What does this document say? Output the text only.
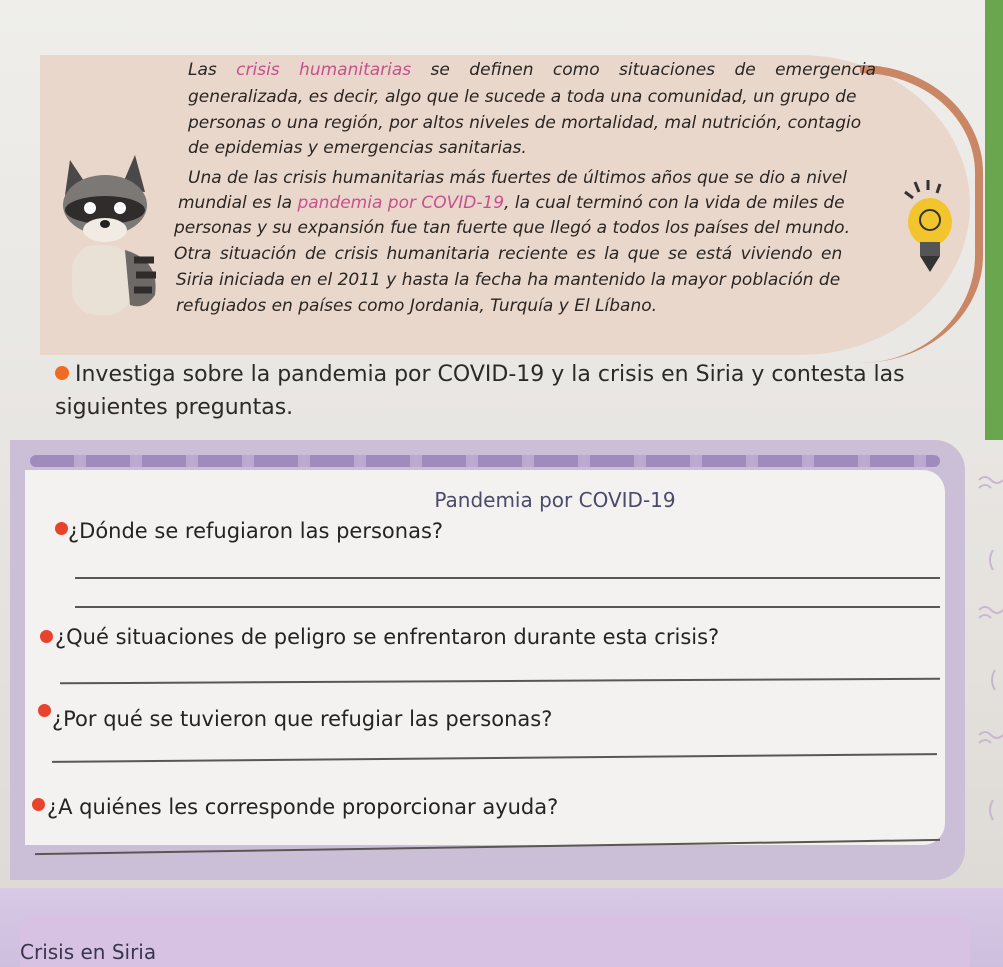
Las crisis humanitarias se definen como situaciones de emergencia
generalizada, es decir, algo que le sucede a toda una comunidad, un grupo de
personas o una región, por altos niveles de mortalidad, mal nutrición, contagio
de epidemias y emergencias sanitarias.
Una de las crisis humanitarias más fuertes de últimos años que se dio a nivel
mundial es la pandemia por COVID-19, la cual terminó con la vida de miles de
personas y su expansión fue tan fuerte que llegó a todos los países del mundo.
Otra situación de crisis humanitaria reciente es la que se está viviendo en
Siria iniciada en el 2011 y hasta la fecha ha mantenido la mayor población de
refugiados en países como Jordania, Turquía y El Líbano.
Investiga sobre la pandemia por COVID-19 y la crisis en Siria y contesta las siguientes preguntas.
Pandemia por COVID-19
¿Dónde se refugiaron las personas?
¿Qué situaciones de peligro se enfrentaron durante esta crisis?
¿Por qué se tuvieron que refugiar las personas?
¿A quiénes les corresponde proporcionar ayuda?
Crisis en Siria
